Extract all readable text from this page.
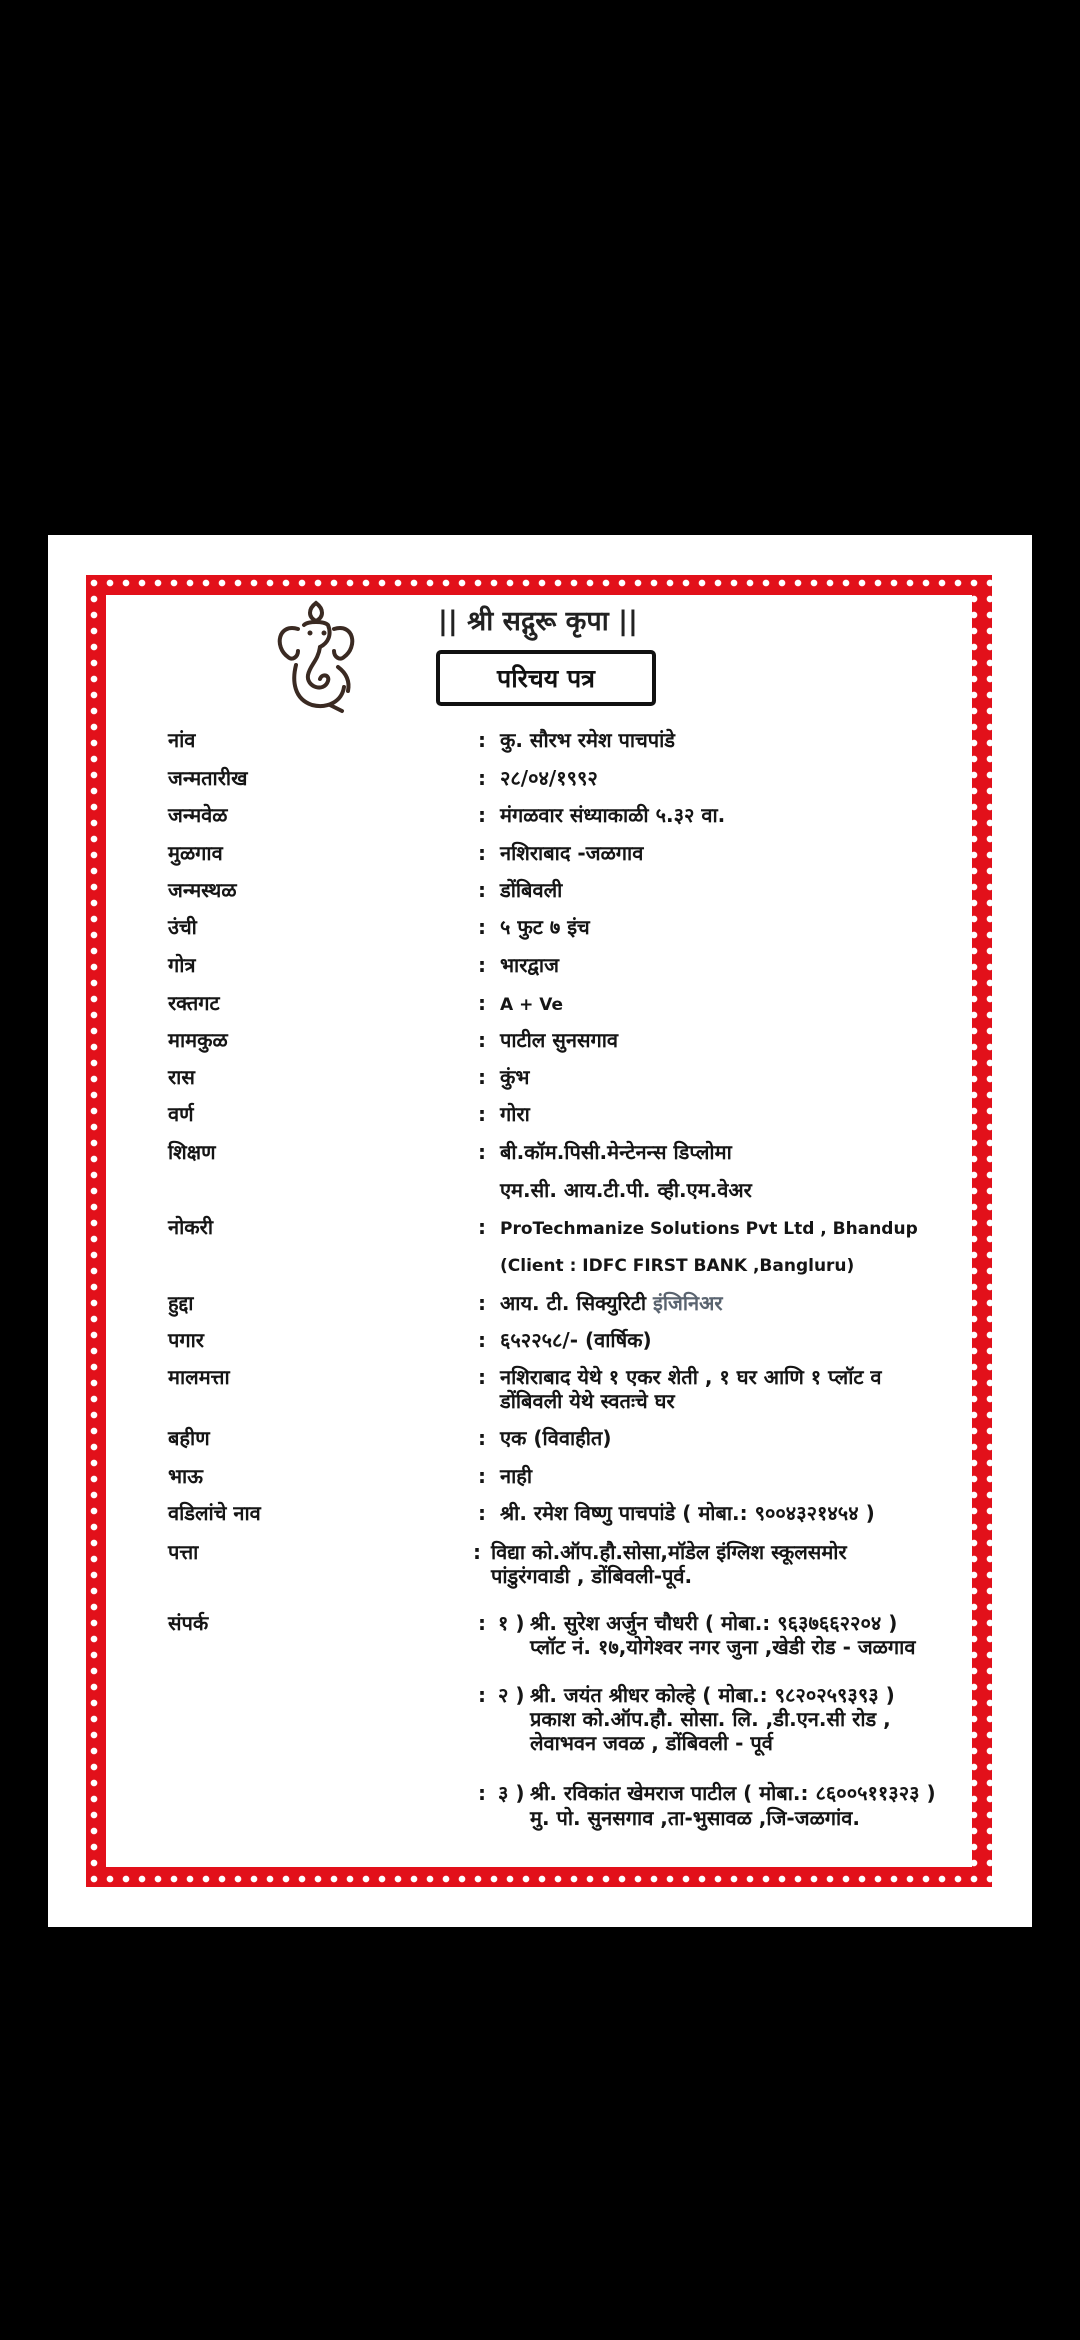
|| श्री सद्गुरू कृपा ||
परिचय पत्र
नांव
जन्मतारीख
जन्मवेळ
मुळगाव
जन्मस्थळ
उंची
गोत्र
रक्तगट
मामकुळ
रास
वर्ण
शिक्षण
नोकरी
हुद्दा
पगार
मालमत्ता
बहीण
भाऊ
वडिलांचे नाव
पत्ता
संपर्क
:
:
:
:
:
:
:
:
:
:
:
:
:
:
:
:
:
:
:
:
कु. सौरभ रमेश पाचपांडे
२८/०४/१९९२
मंगळवार संध्याकाळी ५.३२ वा.
नशिराबाद -जळगाव
डोंबिवली
५ फुट ७ इंच
भारद्वाज
A + Ve
पाटील सुनसगाव
कुंभ
गोरा
बी.कॉम.पिसी.मेन्टेनन्स डिप्लोमा
एम.सी. आय.टी.पी. व्ही.एम.वेअर
ProTechmanize Solutions Pvt Ltd , Bhandup
(Client : IDFC FIRST BANK ,Bangluru)
आय. टी. सिक्युरिटी इंजिनिअर
६५२२५८/- (वार्षिक)
नशिराबाद येथे १ एकर शेती , १ घर आणि १ प्लॉट व
डोंबिवली येथे स्वतःचे घर
एक (विवाहीत)
नाही
श्री. रमेश विष्णु पाचपांडे ( मोबा.: ९००४३२१४५४ )
विद्या को.ऑप.हौ.सोसा,मॉडेल इंग्लिश स्कूलसमोर
पांडुरंगवाडी , डोंबिवली-पूर्व.
: १ ) श्री. सुरेश अर्जुन चौधरी ( मोबा.: ९६३७६६२२०४ )
प्लॉट नं. १७,योगेश्वर नगर जुना ,खेडी रोड - जळगाव
: २ ) श्री. जयंत श्रीधर कोल्हे ( मोबा.: ९८२०२५९३९३ )
प्रकाश को.ऑप.हौ. सोसा. लि. ,डी.एन.सी रोड ,
लेवाभवन जवळ , डोंबिवली - पूर्व
: ३ ) श्री. रविकांत खेमराज पाटील ( मोबा.: ८६००५११३२३ )
मु. पो. सुनसगाव ,ता-भुसावळ ,जि-जळगांव.
